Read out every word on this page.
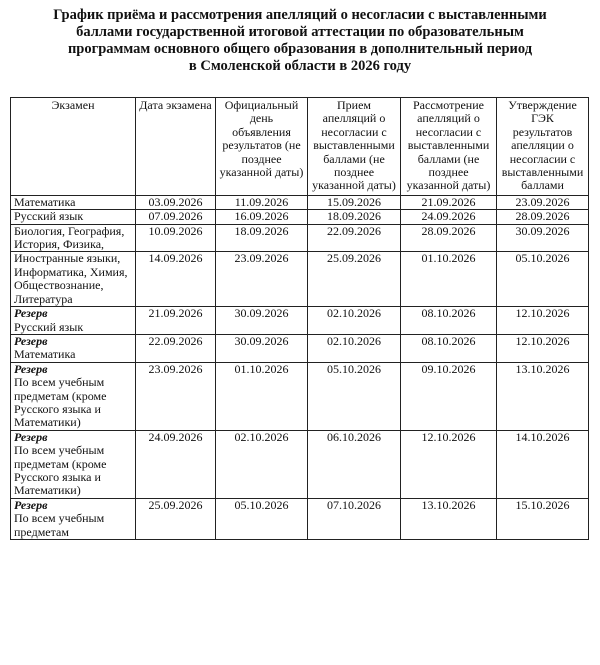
График приёма и рассмотрения апелляций о несогласии с выставленными
баллами государственной итоговой аттестации по образовательным
программам основного общего образования в дополнительный период
в Смоленской области в 2026 году
Экзамен	Дата экзамена	Официальный день объявления результатов (не позднее указанной даты)	Прием апелляций о несогласии с выставленными баллами (не позднее указанной даты)	Рассмотрение апелляций о несогласии с выставленными баллами (не позднее указанной даты)	Утверждение ГЭК результатов апелляции о несогласии с выставленными баллами
Математика	03.09.2026	11.09.2026	15.09.2026	21.09.2026	23.09.2026
Русский язык	07.09.2026	16.09.2026	18.09.2026	24.09.2026	28.09.2026
Биология, География, История, Физика,	10.09.2026	18.09.2026	22.09.2026	28.09.2026	30.09.2026
Иностранные языки, Информатика, Химия, Обществознание, Литература	14.09.2026	23.09.2026	25.09.2026	01.10.2026	05.10.2026

Резерв
Русский язык	21.09.2026	30.09.2026	02.10.2026	08.10.2026	12.10.2026

Резерв
Математика	22.09.2026	30.09.2026	02.10.2026	08.10.2026	12.10.2026

Резерв
По всем учебным предметам (кроме Русского языка и Математики)	23.09.2026	01.10.2026	05.10.2026	09.10.2026	13.10.2026

Резерв
По всем учебным предметам (кроме Русского языка и Математики)	24.09.2026	02.10.2026	06.10.2026	12.10.2026	14.10.2026

Резерв
По всем учебным предметам	25.09.2026	05.10.2026	07.10.2026	13.10.2026	15.10.2026
